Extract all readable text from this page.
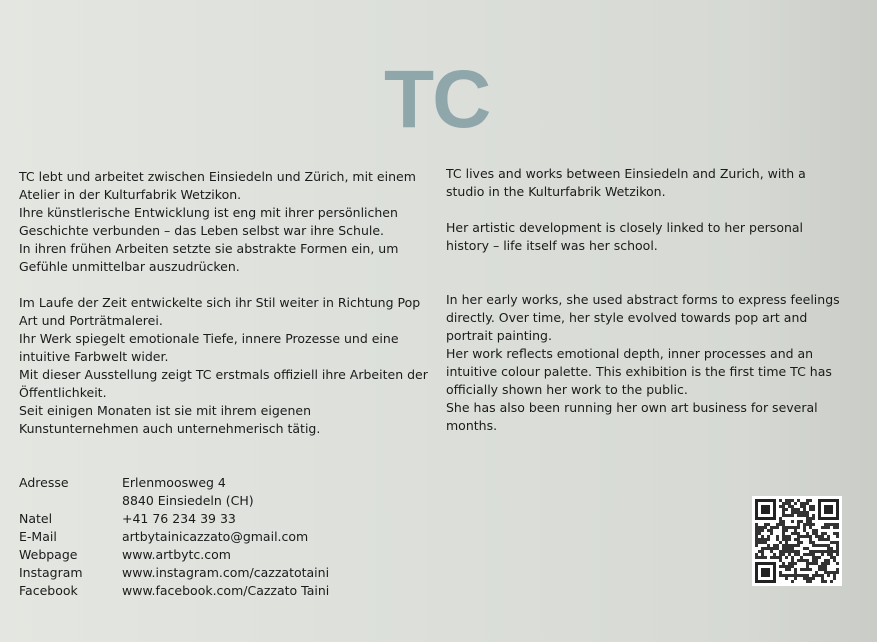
TC

TC lebt und arbeitet zwischen Einsiedeln und Zürich, mit einem Atelier in der Kulturfabrik Wetzikon.

Ihre künstlerische Entwicklung ist eng mit ihrer persönlichen Geschichte verbunden – das Leben selbst war ihre Schule.

In ihren frühen Arbeiten setzte sie abstrakte Formen ein, um Gefühle unmittelbar auszudrücken.

Im Laufe der Zeit entwickelte sich ihr Stil weiter in Richtung Pop Art und Porträtmalerei.

Ihr Werk spiegelt emotionale Tiefe, innere Prozesse und eine intuitive Farbwelt wider.

Mit dieser Ausstellung zeigt TC erstmals offiziell ihre Arbeiten der Öffentlichkeit.

Seit einigen Monaten ist sie mit ihrem eigenen Kunstunternehmen auch unternehmerisch tätig.

TC lives and works between Einsiedeln and Zurich, with a studio in the Kulturfabrik Wetzikon.

Her artistic development is closely linked to her personal history – life itself was her school.

In her early works, she used abstract forms to express feelings directly. Over time, her style evolved towards pop art and portrait painting.

Her work reflects emotional depth, inner processes and an intuitive colour palette. This exhibition is the first time TC has officially shown her work to the public.

She has also been running her own art business for several months.

Adresse	Erlenmoosweg 4
8840 Einsiedeln (CH)
Natel	+41 76 234 39 33
E-Mail	artbytainicazzato@gmail.com
Webpage	www.artbytc.com
Instagram	www.instagram.com/cazzatotaini
Facebook	www.facebook.com/Cazzato Taini
